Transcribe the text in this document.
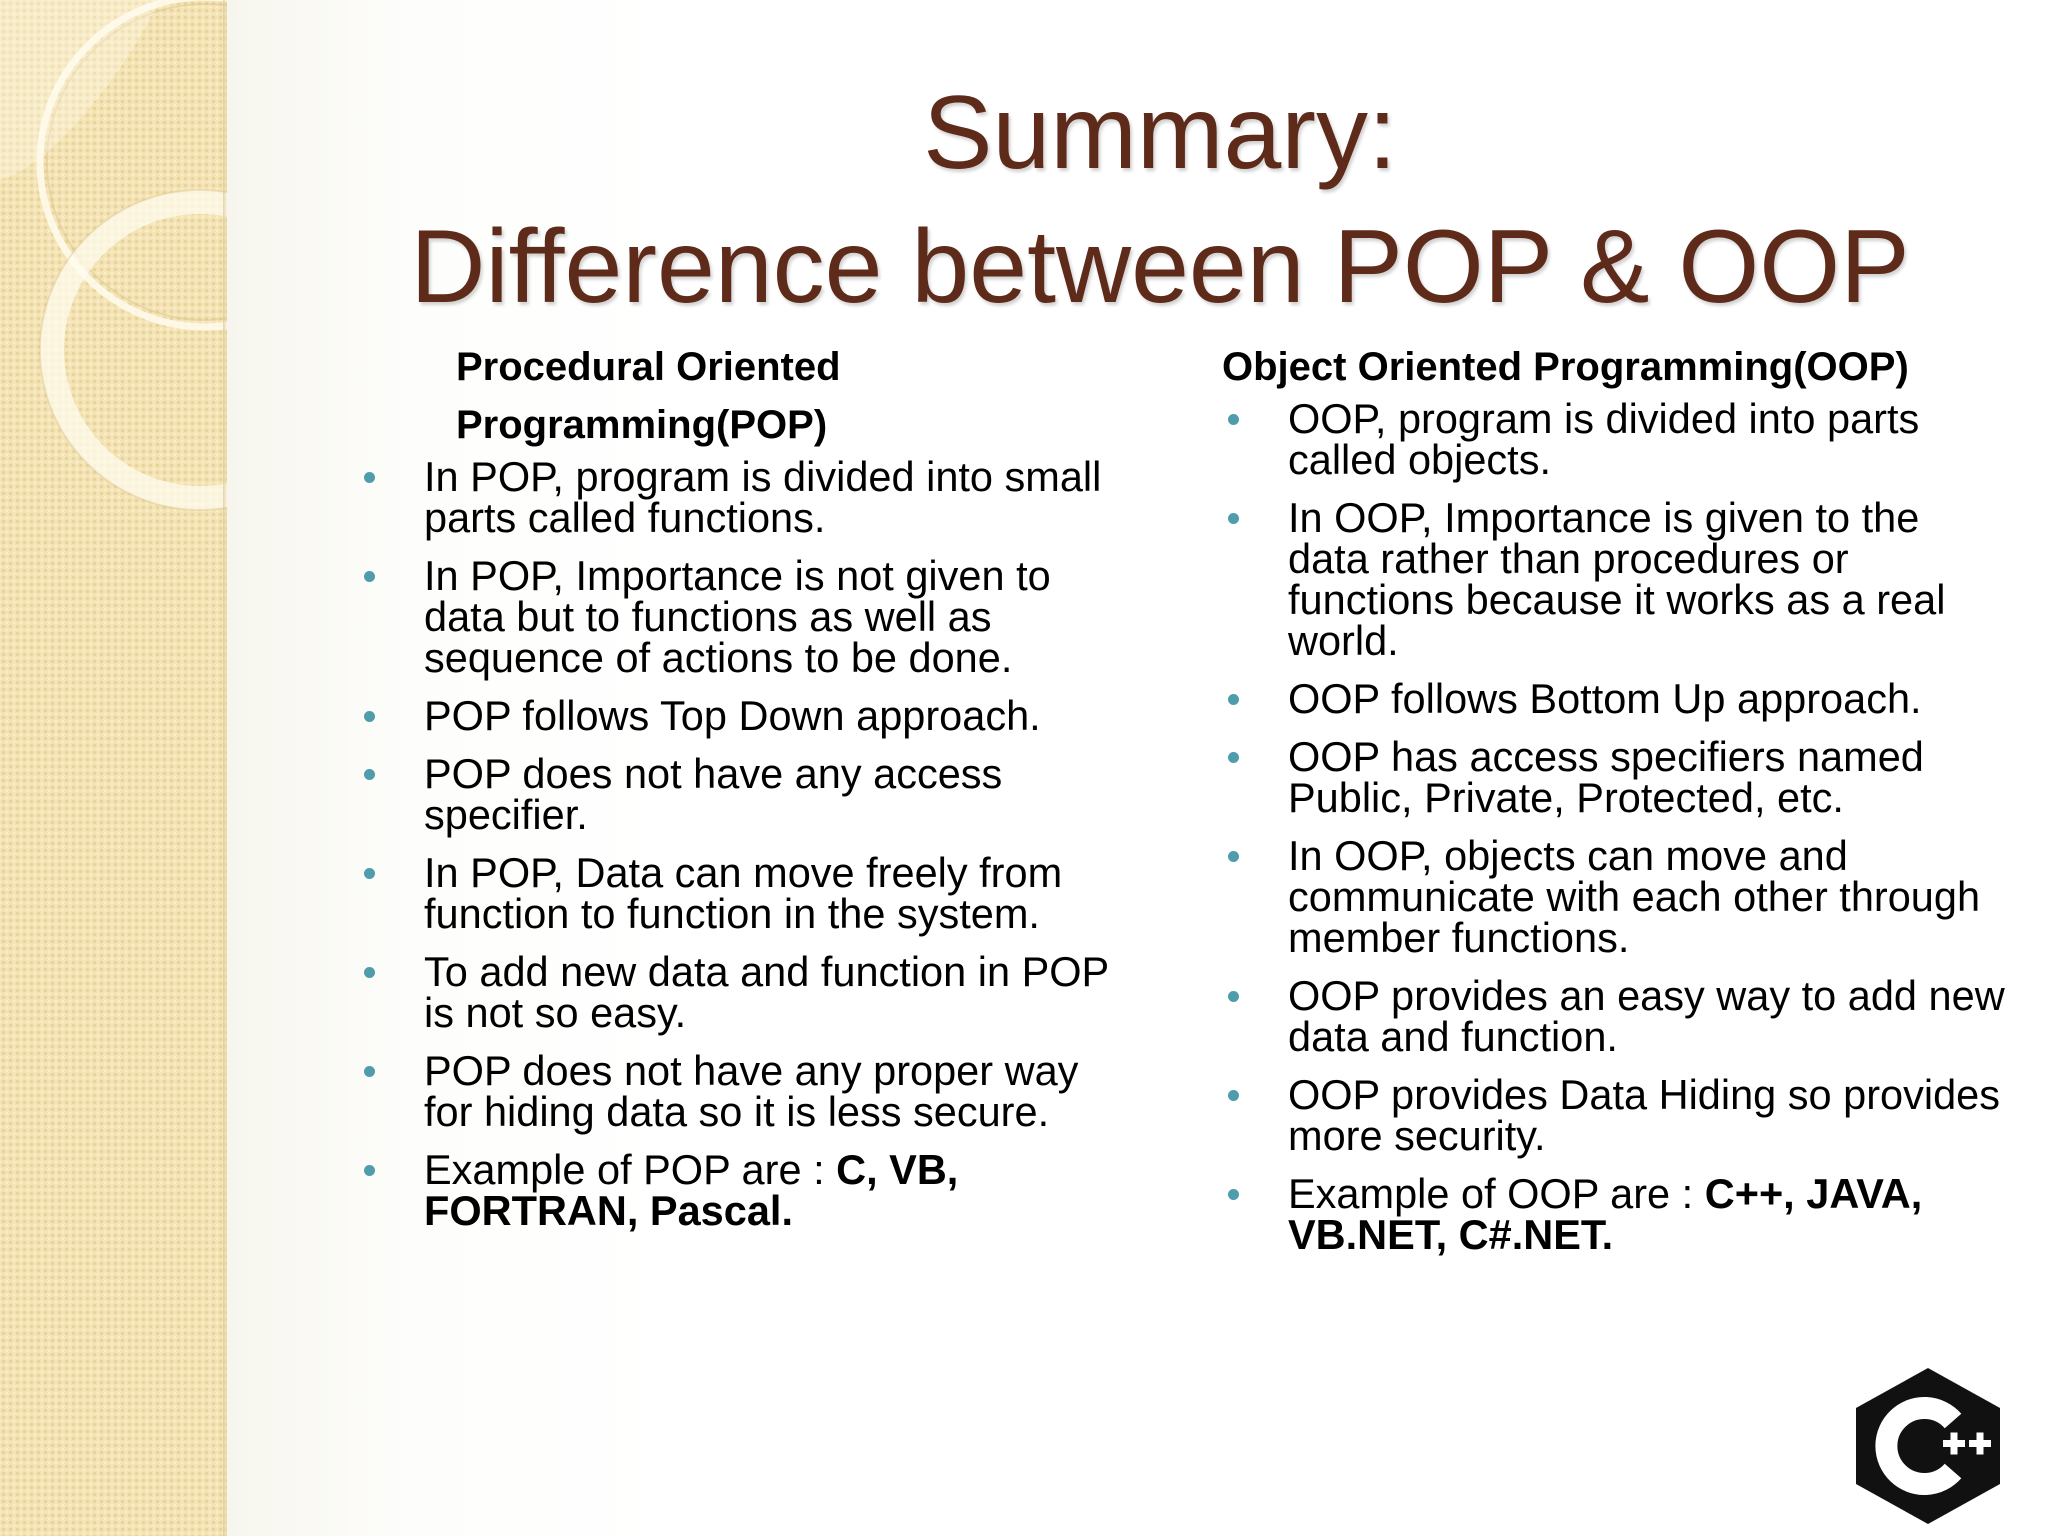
Summary:
Difference between POP & OOP
Procedural Oriented
Programming(POP)
In POP, program is divided into small parts called functions.
In POP, Importance is not given to data but to functions as well as sequence of actions to be done.
POP follows Top Down approach.
POP does not have any access specifier.
In POP, Data can move freely from function to function in the system.
To add new data and function in POP is not so easy.
POP does not have any proper way for hiding data so it is less secure.
Example of POP are : C, VB, FORTRAN, Pascal.
Object Oriented Programming(OOP)
OOP, program is divided into parts called objects.
In OOP, Importance is given to the data rather than procedures or functions because it works as a real world.
OOP follows Bottom Up approach.
OOP has access specifiers named Public, Private, Protected, etc.
In OOP, objects can move and communicate with each other through member functions.
OOP provides an easy way to add new data and function.
OOP provides Data Hiding so provides more security.
Example of OOP are : C++, JAVA, VB.NET, C#.NET.
